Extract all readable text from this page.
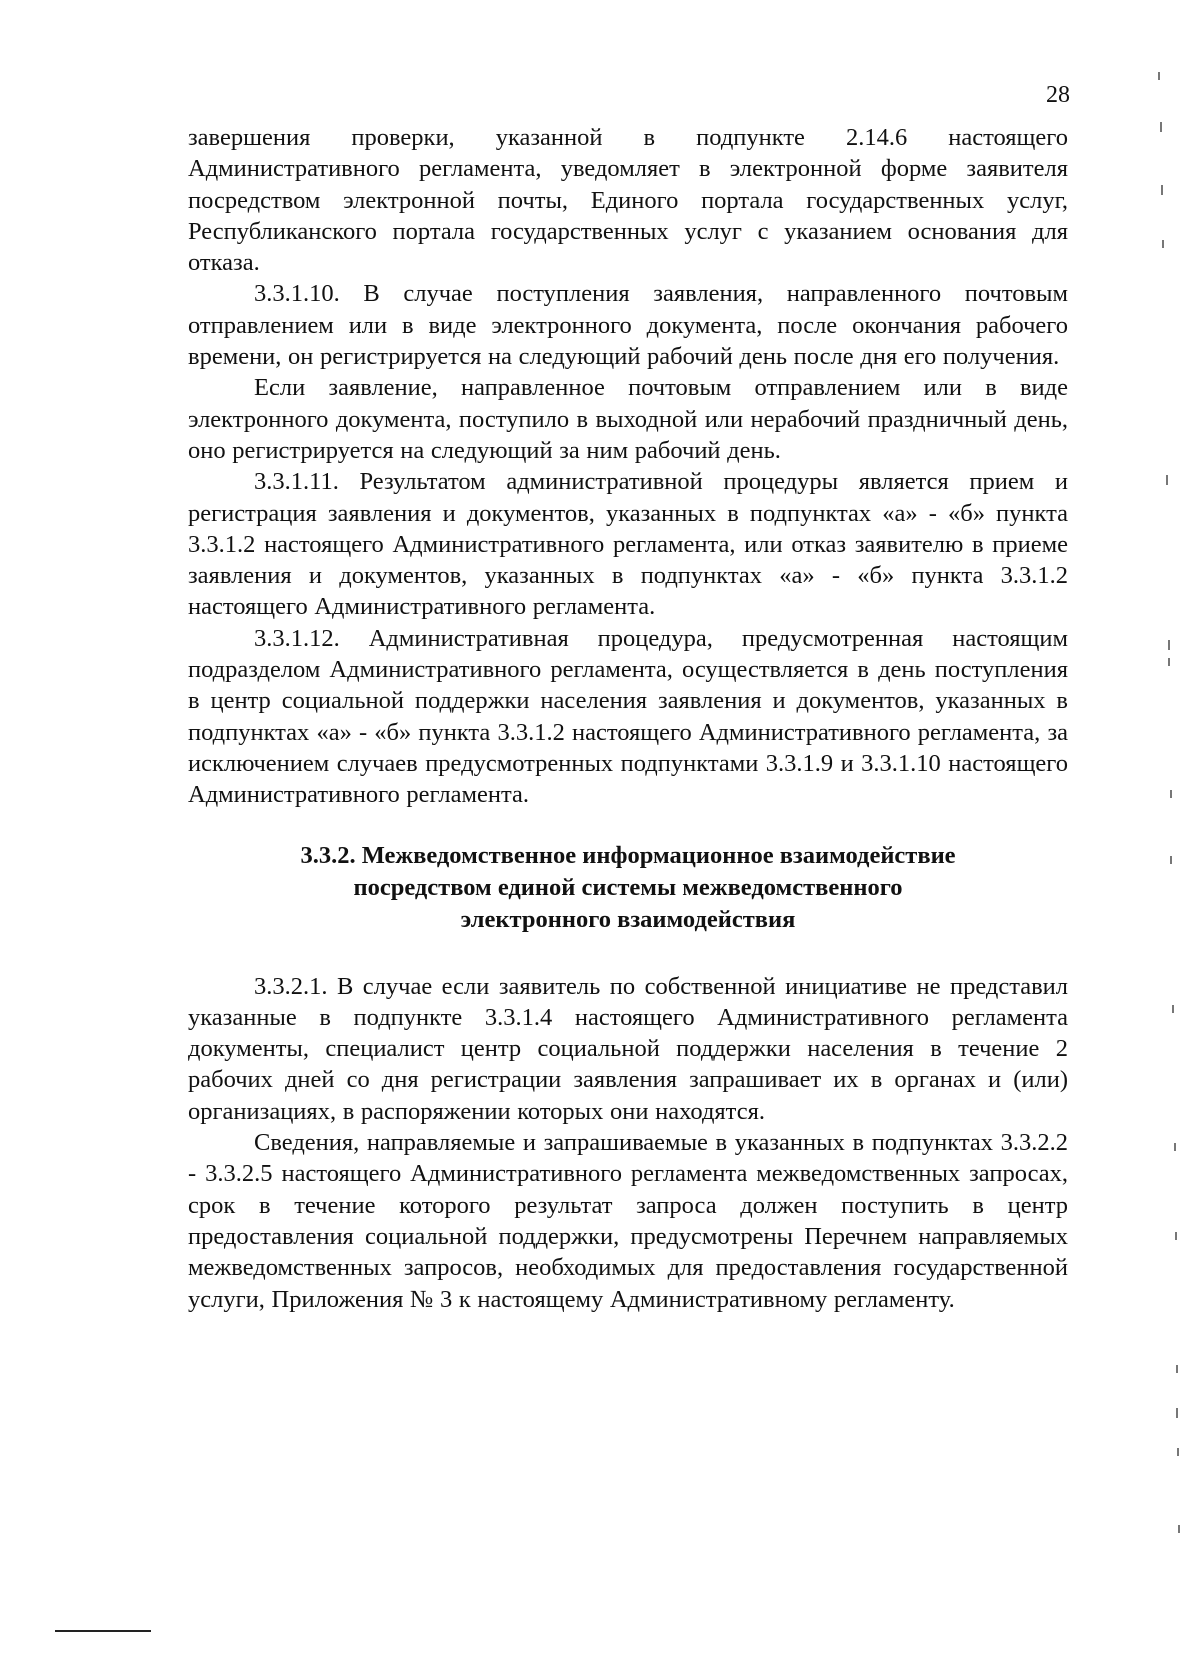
28

завершения проверки, указанной в подпункте 2.14.6 настоящего Административного регламента, уведомляет в электронной форме заявителя посредством электронной почты, Единого портала государственных услуг, Республиканского портала государственных услуг с указанием основания для отказа.

3.3.1.10. В случае поступления заявления, направленного почтовым отправлением или в виде электронного документа, после окончания рабочего времени, он регистрируется на следующий рабочий день после дня его получения.

Если заявление, направленное почтовым отправлением или в виде электронного документа, поступило в выходной или нерабочий праздничный день, оно регистрируется на следующий за ним рабочий день.

3.3.1.11. Результатом административной процедуры является прием и регистрация заявления и документов, указанных в подпунктах «а» - «б» пункта 3.3.1.2 настоящего Административного регламента, или отказ заявителю в приеме заявления и документов, указанных в подпунктах «а» - «б» пункта 3.3.1.2 настоящего Административного регламента.

3.3.1.12. Административная процедура, предусмотренная настоящим подразделом Административного регламента, осуществляется в день поступления в центр социальной поддержки населения заявления и документов, указанных в подпунктах «а» - «б» пункта 3.3.1.2 настоящего Административного регламента, за исключением случаев предусмотренных подпунктами 3.3.1.9 и 3.3.1.10 настоящего Административного регламента.

3.3.2. Межведомственное информационное взаимодействие
посредством единой системы межведомственного
электронного взаимодействия

3.3.2.1. В случае если заявитель по собственной инициативе не представил указанные в подпункте 3.3.1.4 настоящего Административного регламента документы, специалист центр социальной поддержки населения в течение 2 рабочих дней со дня регистрации заявления запрашивает их в органах и (или) организациях, в распоряжении которых они находятся.

Сведения, направляемые и запрашиваемые в указанных в подпунктах 3.3.2.2 - 3.3.2.5 настоящего Административного регламента межведомственных запросах, срок в течение которого результат запроса должен поступить в центр предоставления социальной поддержки, предусмотрены Перечнем направляемых межведомственных запросов, необходимых для предоставления государственной услуги, Приложения № 3 к настоящему Административному регламенту.
